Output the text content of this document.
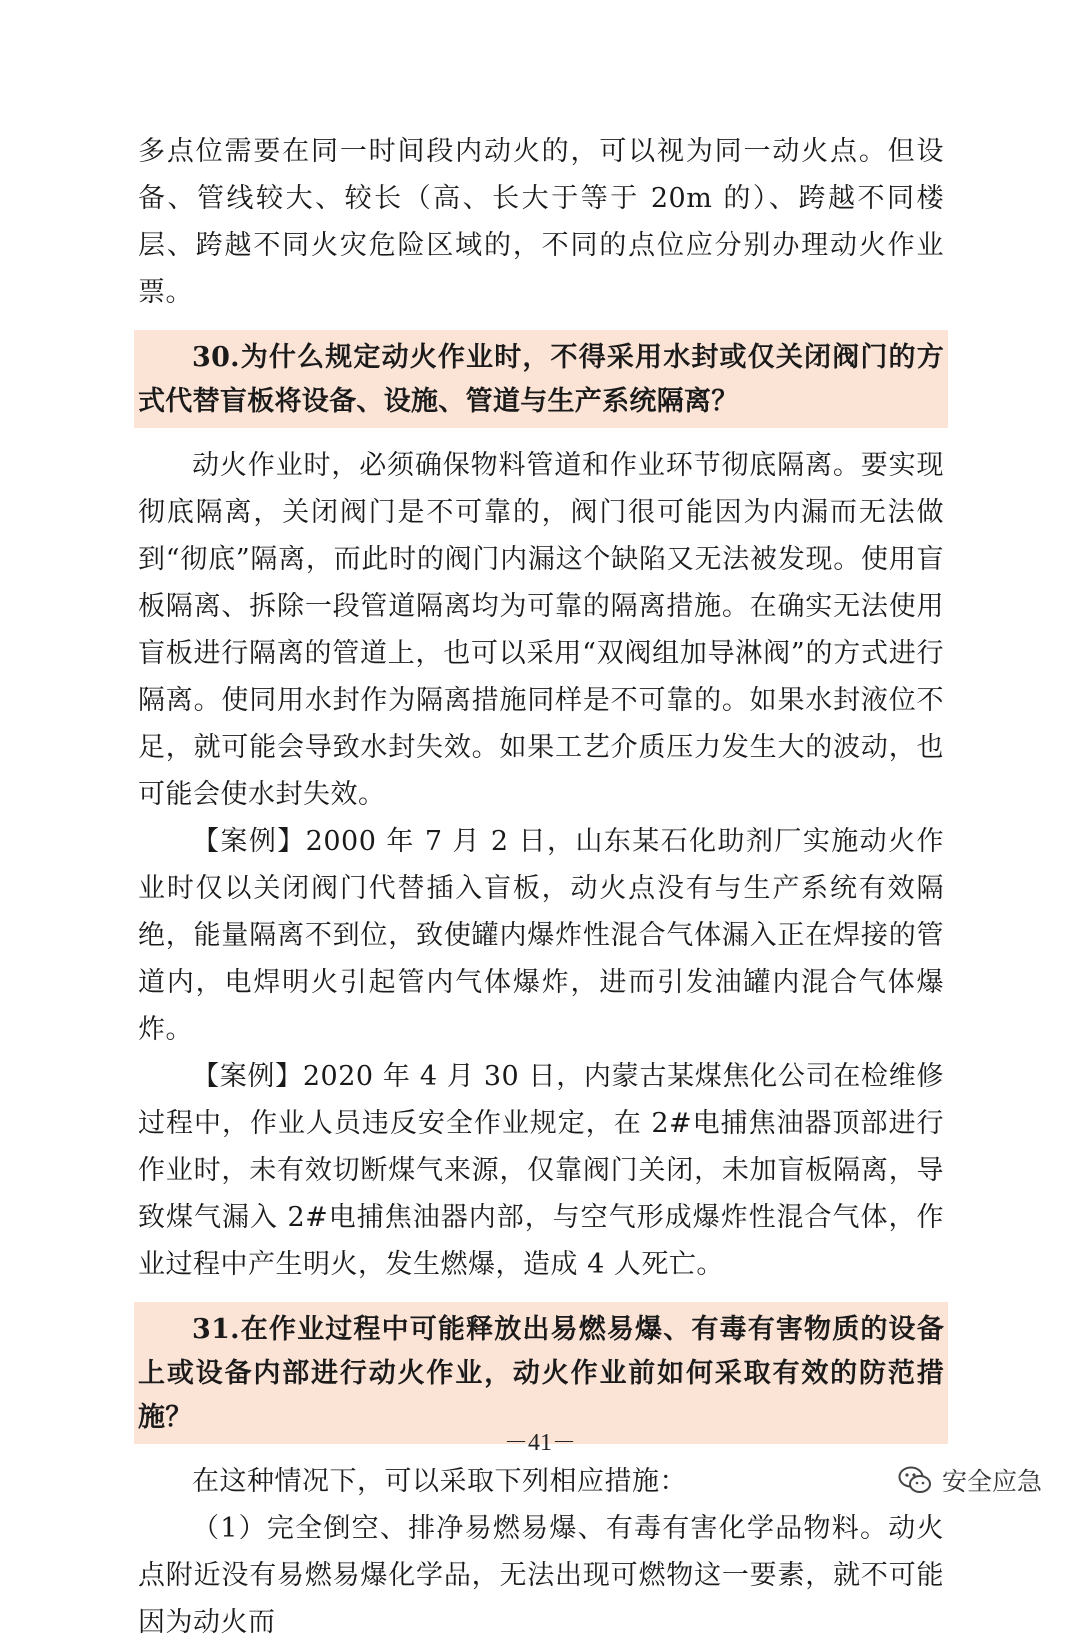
多点位需要在同一时间段内动火的，可以视为同一动火点。但设备、管线较大、较长（高、长大于等于 20m 的）、跨越不同楼层、跨越不同火灾危险区域的，不同的点位应分别办理动火作业票。

30.为什么规定动火作业时，不得采用水封或仅关闭阀门的方式代替盲板将设备、设施、管道与生产系统隔离？

动火作业时，必须确保物料管道和作业环节彻底隔离。要实现彻底隔离，关闭阀门是不可靠的，阀门很可能因为内漏而无法做到“彻底”隔离，而此时的阀门内漏这个缺陷又无法被发现。使用盲板隔离、拆除一段管道隔离均为可靠的隔离措施。在确实无法使用盲板进行隔离的管道上，也可以采用“双阀组加导淋阀”的方式进行隔离。使同用水封作为隔离措施同样是不可靠的。如果水封液位不足，就可能会导致水封失效。如果工艺介质压力发生大的波动，也可能会使水封失效。

【案例】2000 年 7 月 2 日，山东某石化助剂厂实施动火作业时仅以关闭阀门代替插入盲板，动火点没有与生产系统有效隔绝，能量隔离不到位，致使罐内爆炸性混合气体漏入正在焊接的管道内，电焊明火引起管内气体爆炸，进而引发油罐内混合气体爆炸。

【案例】2020 年 4 月 30 日，内蒙古某煤焦化公司在检维修过程中，作业人员违反安全作业规定，在 2#电捕焦油器顶部进行作业时，未有效切断煤气来源，仅靠阀门关闭，未加盲板隔离，导致煤气漏入 2#电捕焦油器内部，与空气形成爆炸性混合气体，作业过程中产生明火，发生燃爆，造成 4 人死亡。

31.在作业过程中可能释放出易燃易爆、有毒有害物质的设备上或设备内部进行动火作业，动火作业前如何采取有效的防范措施？

在这种情况下，可以采取下列相应措施：

（1）完全倒空、排净易燃易爆、有毒有害化学品物料。动火点附近没有易燃易爆化学品，无法出现可燃物这一要素，就不可能因为动火而

－41－
安全应急
